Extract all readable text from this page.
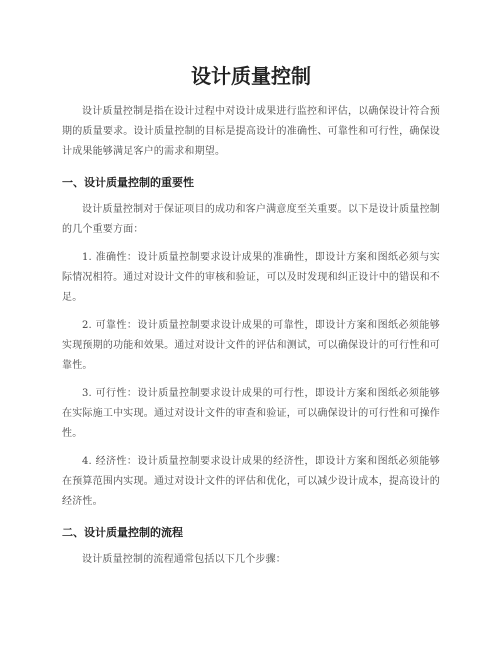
设计质量控制

设计质量控制是指在设计过程中对设计成果进行监控和评估，以确保设计符合预期的质量要求。设计质量控制的目标是提高设计的准确性、可靠性和可行性，确保设计成果能够满足客户的需求和期望。

一、设计质量控制的重要性

设计质量控制对于保证项目的成功和客户满意度至关重要。以下是设计质量控制的几个重要方面：

1. 准确性：设计质量控制要求设计成果的准确性，即设计方案和图纸必须与实际情况相符。通过对设计文件的审核和验证，可以及时发现和纠正设计中的错误和不足。

2. 可靠性：设计质量控制要求设计成果的可靠性，即设计方案和图纸必须能够实现预期的功能和效果。通过对设计文件的评估和测试，可以确保设计的可行性和可靠性。

3. 可行性：设计质量控制要求设计成果的可行性，即设计方案和图纸必须能够在实际施工中实现。通过对设计文件的审查和验证，可以确保设计的可行性和可操作性。

4. 经济性：设计质量控制要求设计成果的经济性，即设计方案和图纸必须能够在预算范围内实现。通过对设计文件的评估和优化，可以减少设计成本，提高设计的经济性。

二、设计质量控制的流程

设计质量控制的流程通常包括以下几个步骤：
